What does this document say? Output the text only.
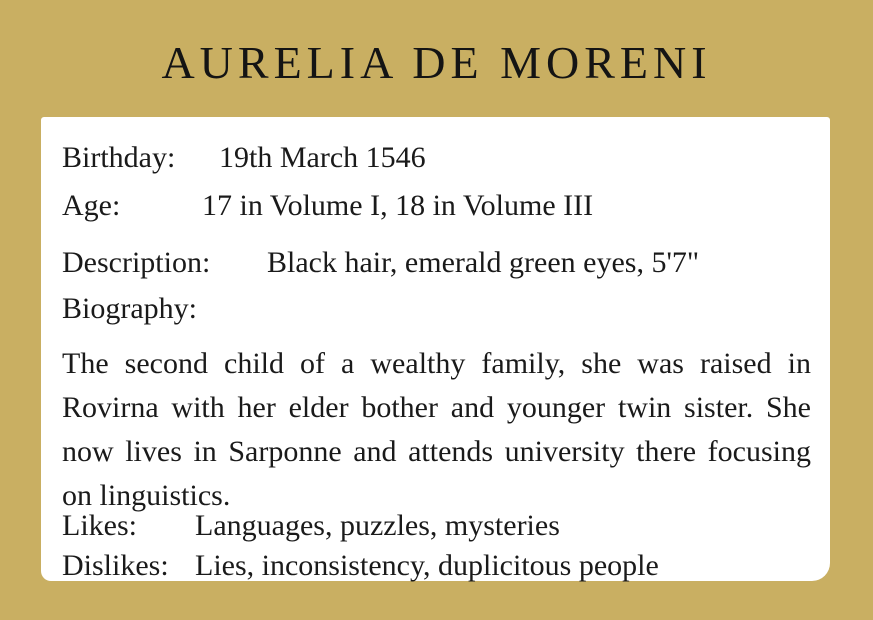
AURELIA DE MORENI
Birthday: 19th March 1546
Age:	17 in Volume I, 18 in Volume III
Description: Black hair, emerald green eyes, 5'7"
Biography:
The second child of a wealthy family, she was raised in Rovirna with her elder bother and younger twin sister. She now lives in Sarponne and attends university there focusing on linguistics.
Likes: Languages, puzzles, mysteries
Dislikes: Lies, inconsistency, duplicitous people
